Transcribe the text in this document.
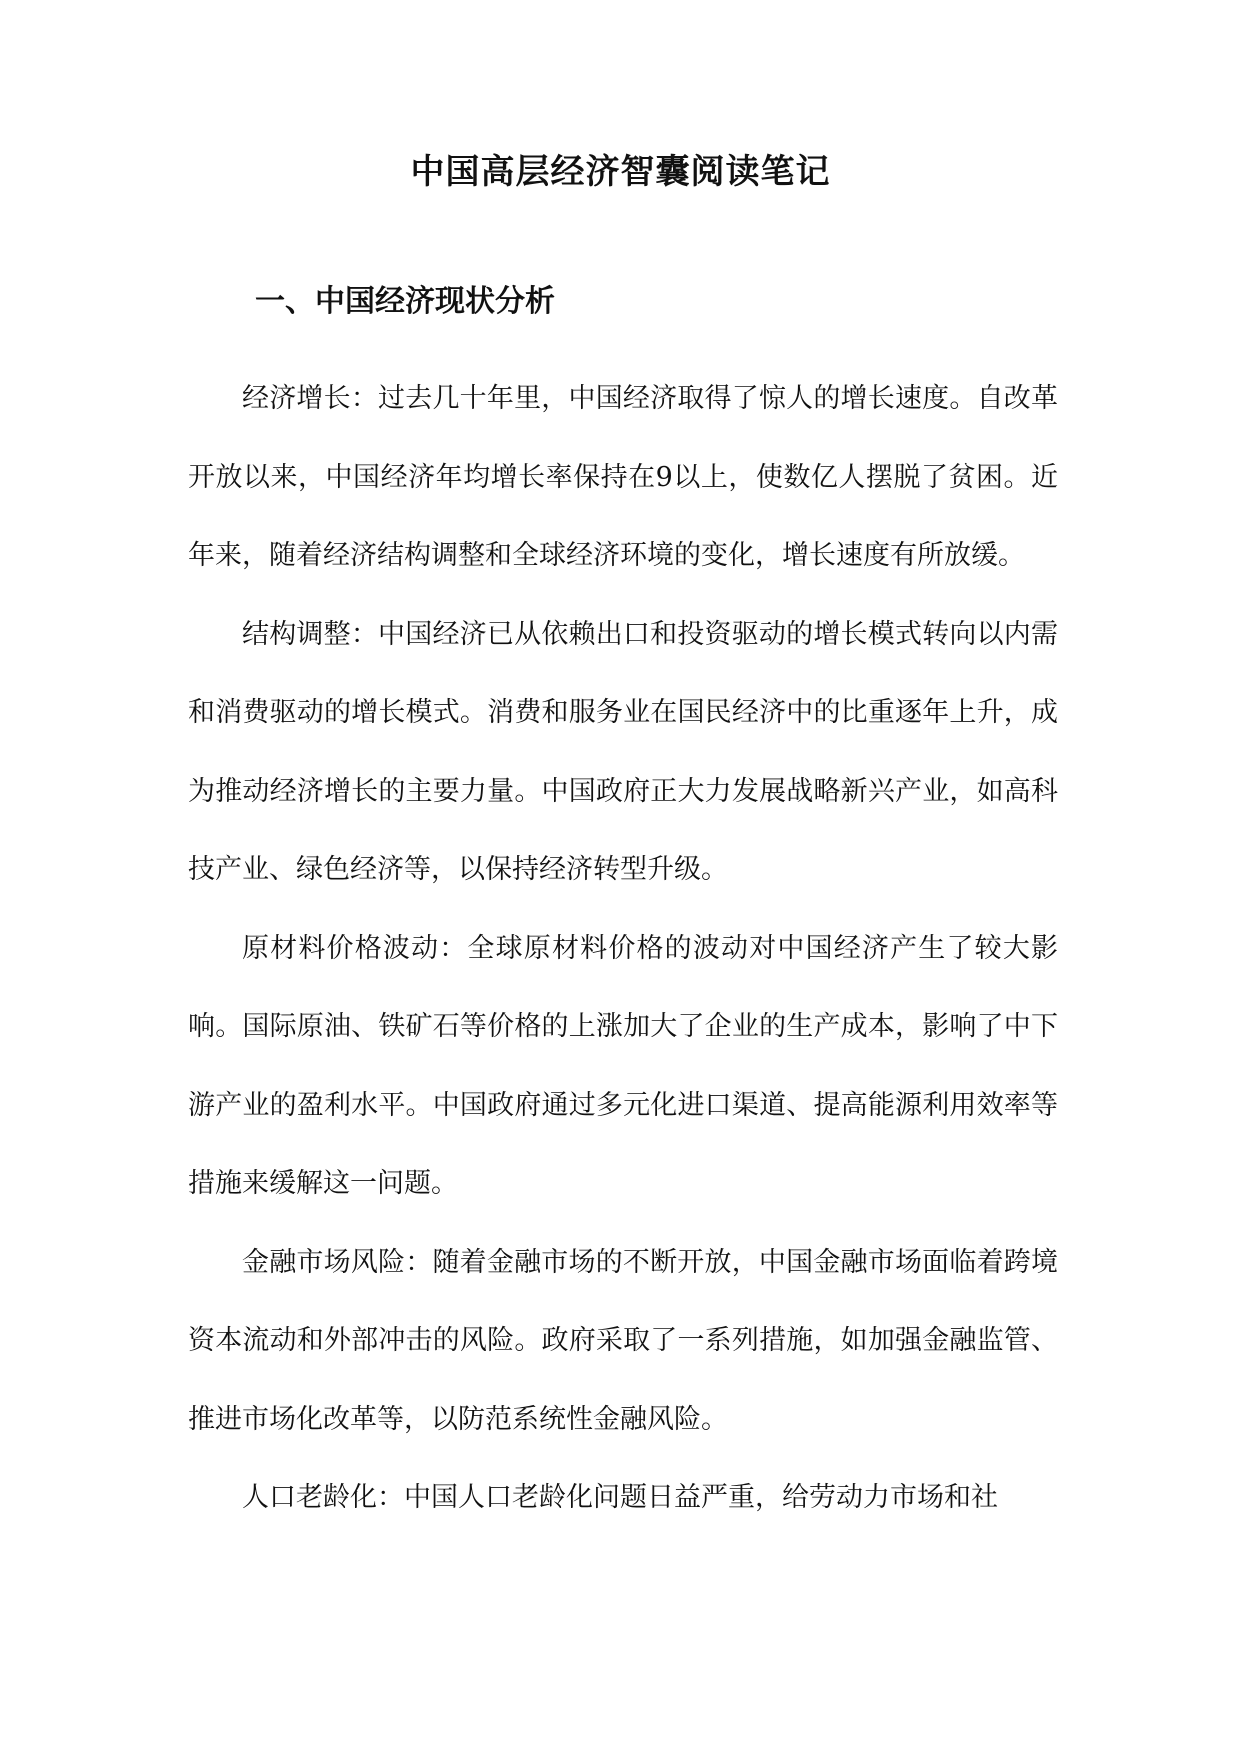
中国高层经济智囊阅读笔记
一、中国经济现状分析

经济增长：过去几十年里，中国经济取得了惊人的增长速度。自改革开放以来，中国经济年均增长率保持在9以上，使数亿人摆脱了贫困。近年来，随着经济结构调整和全球经济环境的变化，增长速度有所放缓。

结构调整：中国经济已从依赖出口和投资驱动的增长模式转向以内需和消费驱动的增长模式。消费和服务业在国民经济中的比重逐年上升，成为推动经济增长的主要力量。中国政府正大力发展战略新兴产业，如高科技产业、绿色经济等，以保持经济转型升级。

原材料价格波动：全球原材料价格的波动对中国经济产生了较大影响。国际原油、铁矿石等价格的上涨加大了企业的生产成本，影响了中下游产业的盈利水平。中国政府通过多元化进口渠道、提高能源利用效率等措施来缓解这一问题。

金融市场风险：随着金融市场的不断开放，中国金融市场面临着跨境资本流动和外部冲击的风险。政府采取了一系列措施，如加强金融监管、推进市场化改革等，以防范系统性金融风险。

人口老龄化：中国人口老龄化问题日益严重，给劳动力市场和社
